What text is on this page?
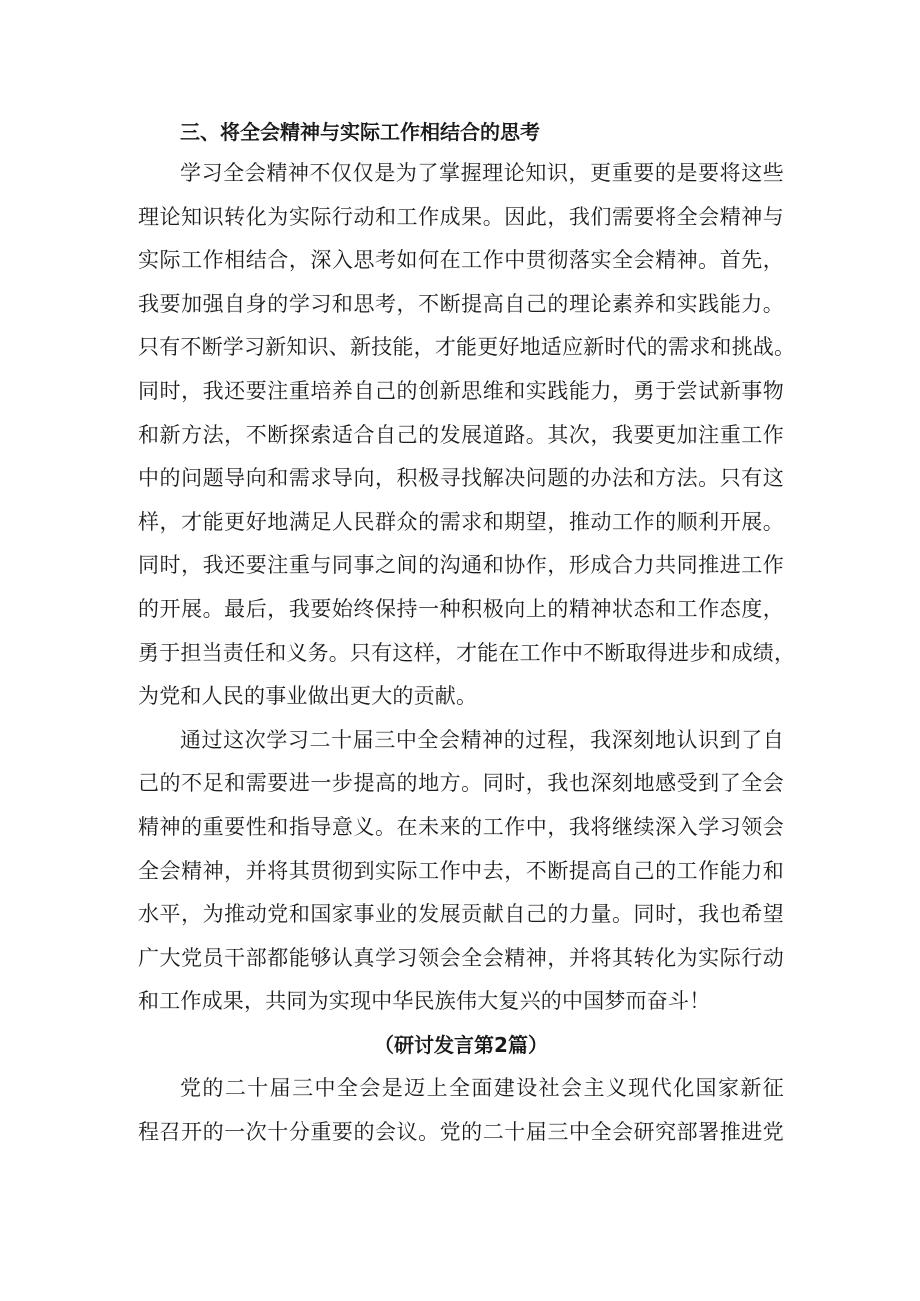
三、将全会精神与实际工作相结合的思考
学习全会精神不仅仅是为了掌握理论知识，更重要的是要将这些
理论知识转化为实际行动和工作成果。因此，我们需要将全会精神与
实际工作相结合，深入思考如何在工作中贯彻落实全会精神。首先，
我要加强自身的学习和思考，不断提高自己的理论素养和实践能力。
只有不断学习新知识、新技能，才能更好地适应新时代的需求和挑战。
同时，我还要注重培养自己的创新思维和实践能力，勇于尝试新事物
和新方法，不断探索适合自己的发展道路。其次，我要更加注重工作
中的问题导向和需求导向，积极寻找解决问题的办法和方法。只有这
样，才能更好地满足人民群众的需求和期望，推动工作的顺利开展。
同时，我还要注重与同事之间的沟通和协作，形成合力共同推进工作
的开展。最后，我要始终保持一种积极向上的精神状态和工作态度，
勇于担当责任和义务。只有这样，才能在工作中不断取得进步和成绩，
为党和人民的事业做出更大的贡献。
通过这次学习二十届三中全会精神的过程，我深刻地认识到了自
己的不足和需要进一步提高的地方。同时，我也深刻地感受到了全会
精神的重要性和指导意义。在未来的工作中，我将继续深入学习领会
全会精神，并将其贯彻到实际工作中去，不断提高自己的工作能力和
水平，为推动党和国家事业的发展贡献自己的力量。同时，我也希望
广大党员干部都能够认真学习领会全会精神，并将其转化为实际行动
和工作成果，共同为实现中华民族伟大复兴的中国梦而奋斗！
（研讨发言第2篇）
党的二十届三中全会是迈上全面建设社会主义现代化国家新征
程召开的一次十分重要的会议。党的二十届三中全会研究部署推进党
